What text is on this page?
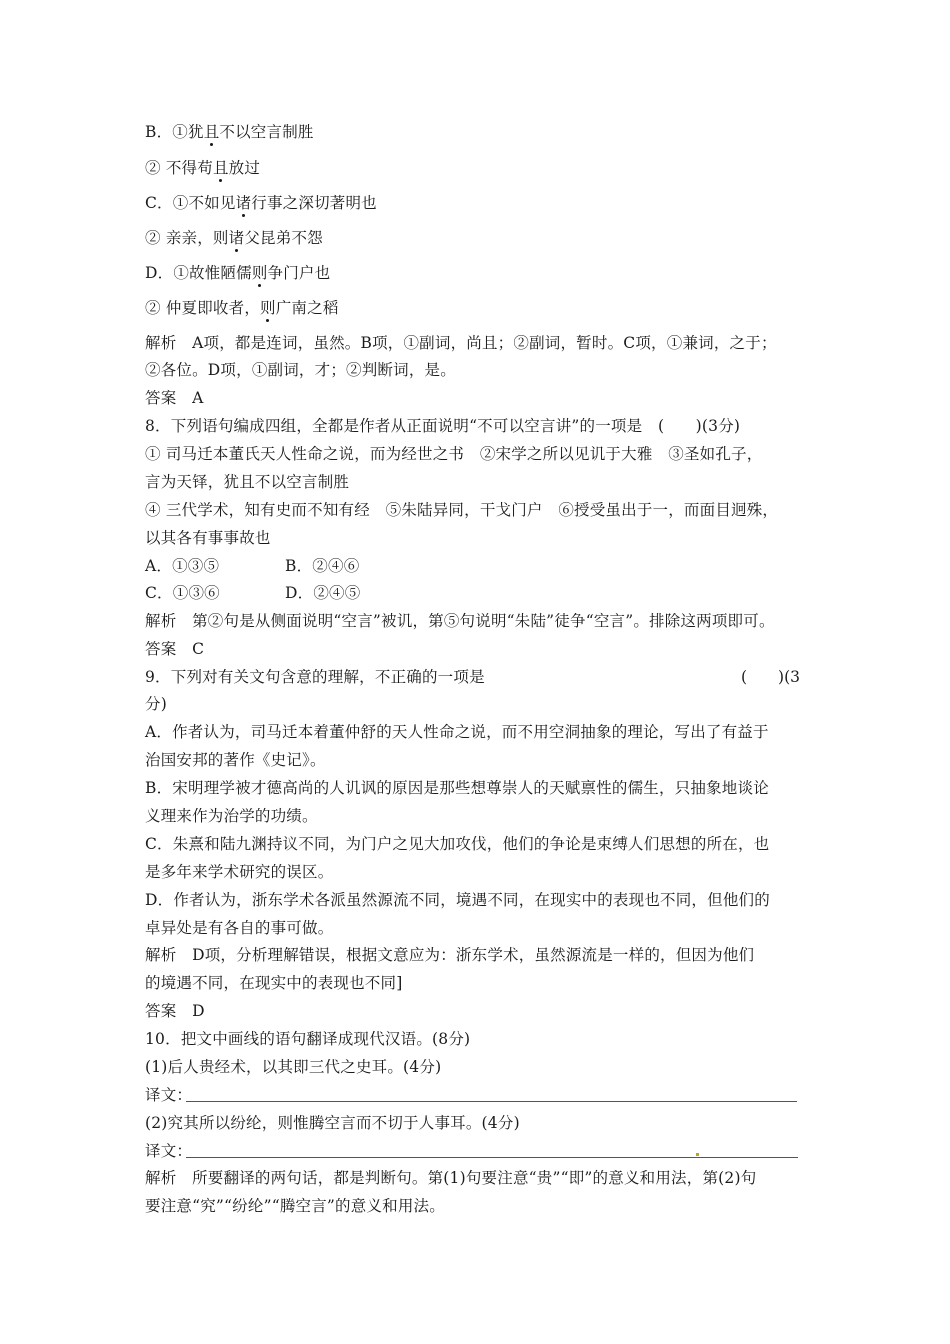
B．①犹且不以空言制胜
② 不得苟且放过
C．①不如见诸行事之深切著明也
② 亲亲，则诸父昆弟不怨
D．①故惟陋儒则争门户也
② 仲夏即收者，则广南之稻
解析　A项，都是连词，虽然。B项，①副词，尚且；②副词，暂时。C项，①兼词，之于；
②各位。D项，①副词，才；②判断词，是。
答案　A
8．下列语句编成四组，全都是作者从正面说明“不可以空言讲”的一项是　(　　)(3分)
① 司马迁本董氏天人性命之说，而为经世之书　②宋学之所以见讥于大雅　③圣如孔子，
言为天铎，犹且不以空言制胜
④ 三代学术，知有史而不知有经　⑤朱陆异同，干戈门户　⑥授受虽出于一，而面目迥殊，
以其各有事事故也
A．①③⑤	B．②④⑥
C．①③⑥	D．②④⑤
解析　第②句是从侧面说明“空言”被讥，第⑤句说明“朱陆”徒争“空言”。排除这两项即可。
答案　C
9．下列对有关文句含意的理解，不正确的一项是	(　　)(3
分)
A．作者认为，司马迁本着董仲舒的天人性命之说，而不用空洞抽象的理论，写出了有益于
治国安邦的著作《史记》。
B．宋明理学被才德高尚的人讥讽的原因是那些想尊崇人的天赋禀性的儒生，只抽象地谈论
义理来作为治学的功绩。
C．朱熹和陆九渊持议不同，为门户之见大加攻伐，他们的争论是束缚人们思想的所在，也
是多年来学术研究的误区。
D．作者认为，浙东学术各派虽然源流不同，境遇不同，在现实中的表现也不同，但他们的
卓异处是有各自的事可做。
解析　D项，分析理解错误，根据文意应为：浙东学术，虽然源流是一样的，但因为他们
的境遇不同，在现实中的表现也不同]
答案　D
10．把文中画线的语句翻译成现代汉语。(8分)
(1)后人贵经术，以其即三代之史耳。(4分)
译文：
(2)究其所以纷纶，则惟腾空言而不切于人事耳。(4分)
译文：
解析　所要翻译的两句话，都是判断句。第(1)句要注意“贵”“即”的意义和用法，第(2)句
要注意“究”“纷纶”“腾空言”的意义和用法。
